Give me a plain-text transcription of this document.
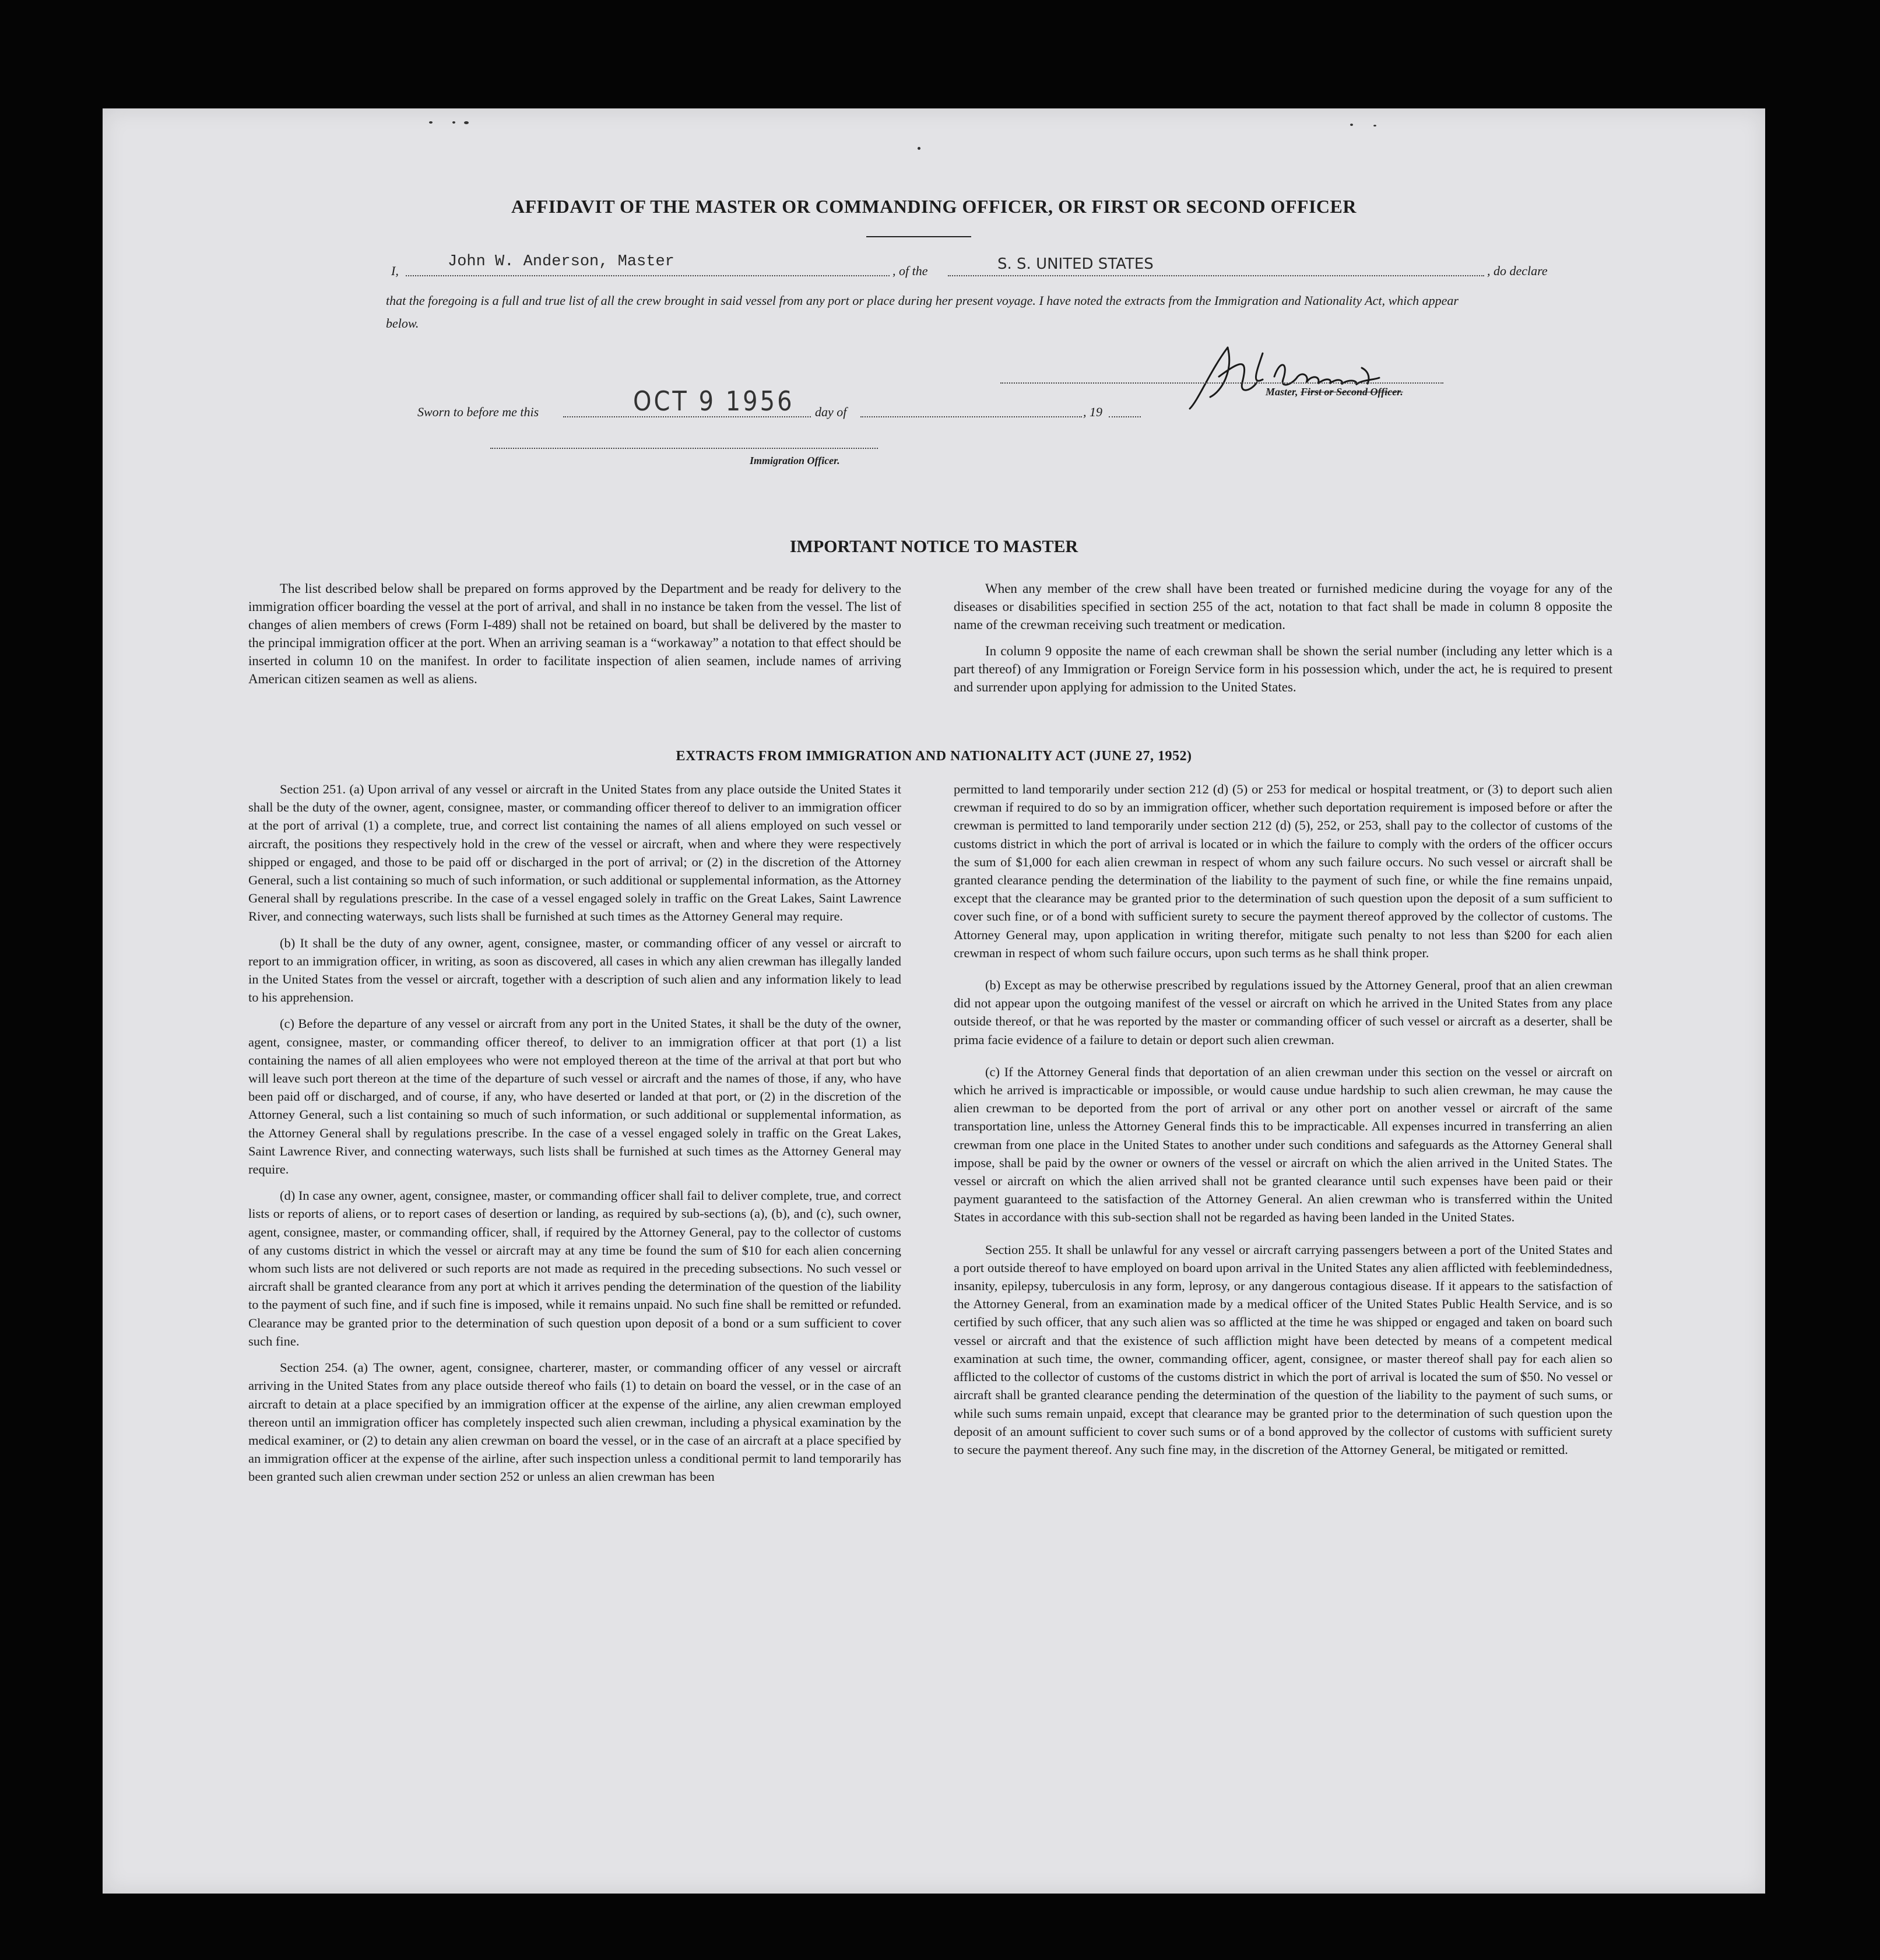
AFFIDAVIT OF THE MASTER OR COMMANDING OFFICER, OR FIRST OR SECOND OFFICER
I,
John W. Anderson, Master
, of the	S. S. UNITED STATES	, do declare
that the foregoing is a full and true list of all the crew brought in said vessel from any port or place during her present voyage. I have noted the extracts from the Immigration and Nationality Act, which appear below.
Master, First or Second Officer.
Sworn to before me this	OCT 9 1956 day of	, 19
Immigration Officer.
IMPORTANT NOTICE TO MASTER

The list described below shall be prepared on forms approved by the Department and be ready for delivery to the immigration officer boarding the vessel at the port of arrival, and shall in no instance be taken from the vessel. The list of changes of alien members of crews (Form I-489) shall not be retained on board, but shall be delivered by the master to the principal immigration officer at the port. When an arriving seaman is a “workaway” a notation to that effect should be inserted in column 10 on the manifest. In order to facilitate inspection of alien seamen, include names of arriving American citizen seamen as well as aliens.

When any member of the crew shall have been treated or furnished medicine during the voyage for any of the diseases or disabilities specified in section 255 of the act, notation to that fact shall be made in column 8 opposite the name of the crewman receiving such treatment or medication.

In column 9 opposite the name of each crewman shall be shown the serial number (including any letter which is a part thereof) of any Immigration or Foreign Service form in his possession which, under the act, he is required to present and surrender upon applying for admission to the United States.

EXTRACTS FROM IMMIGRATION AND NATIONALITY ACT (JUNE 27, 1952)

Section 251. (a) Upon arrival of any vessel or aircraft in the United States from any place outside the United States it shall be the duty of the owner, agent, consignee, master, or commanding officer thereof to deliver to an immigration officer at the port of arrival (1) a complete, true, and correct list containing the names of all aliens employed on such vessel or aircraft, the positions they respectively hold in the crew of the vessel or aircraft, when and where they were respectively shipped or engaged, and those to be paid off or discharged in the port of arrival; or (2) in the discretion of the Attorney General, such a list containing so much of such information, or such additional or supplemental information, as the Attorney General shall by regulations prescribe. In the case of a vessel engaged solely in traffic on the Great Lakes, Saint Lawrence River, and connecting waterways, such lists shall be furnished at such times as the Attorney General may require.

(b) It shall be the duty of any owner, agent, consignee, master, or commanding officer of any vessel or aircraft to report to an immigration officer, in writing, as soon as discovered, all cases in which any alien crewman has illegally landed in the United States from the vessel or aircraft, together with a description of such alien and any information likely to lead to his apprehension.

(c) Before the departure of any vessel or aircraft from any port in the United States, it shall be the duty of the owner, agent, consignee, master, or commanding officer thereof, to deliver to an immigration officer at that port (1) a list containing the names of all alien employees who were not employed thereon at the time of the arrival at that port but who will leave such port thereon at the time of the departure of such vessel or aircraft and the names of those, if any, who have been paid off or discharged, and of course, if any, who have deserted or landed at that port, or (2) in the discretion of the Attorney General, such a list containing so much of such information, or such additional or supplemental information, as the Attorney General shall by regulations prescribe. In the case of a vessel engaged solely in traffic on the Great Lakes, Saint Lawrence River, and connecting waterways, such lists shall be furnished at such times as the Attorney General may require.

(d) In case any owner, agent, consignee, master, or commanding officer shall fail to deliver complete, true, and correct lists or reports of aliens, or to report cases of desertion or landing, as required by sub-sections (a), (b), and (c), such owner, agent, consignee, master, or commanding officer, shall, if required by the Attorney General, pay to the collector of customs of any customs district in which the vessel or aircraft may at any time be found the sum of $10 for each alien concerning whom such lists are not delivered or such reports are not made as required in the preceding subsections. No such vessel or aircraft shall be granted clearance from any port at which it arrives pending the determination of the question of the liability to the payment of such fine, and if such fine is imposed, while it remains unpaid. No such fine shall be remitted or refunded. Clearance may be granted prior to the determination of such question upon deposit of a bond or a sum sufficient to cover such fine.

Section 254. (a) The owner, agent, consignee, charterer, master, or commanding officer of any vessel or aircraft arriving in the United States from any place outside thereof who fails (1) to detain on board the vessel, or in the case of an aircraft to detain at a place specified by an immigration officer at the expense of the airline, any alien crewman employed thereon until an immigration officer has completely inspected such alien crewman, including a physical examination by the medical examiner, or (2) to detain any alien crewman on board the vessel, or in the case of an aircraft at a place specified by an immigration officer at the expense of the airline, after such inspection unless a conditional permit to land temporarily has been granted such alien crewman under section 252 or unless an alien crewman has been

permitted to land temporarily under section 212 (d) (5) or 253 for medical or hospital treatment, or (3) to deport such alien crewman if required to do so by an immigration officer, whether such deportation requirement is imposed before or after the crewman is permitted to land temporarily under section 212 (d) (5), 252, or 253, shall pay to the collector of customs of the customs district in which the port of arrival is located or in which the failure to comply with the orders of the officer occurs the sum of $1,000 for each alien crewman in respect of whom any such failure occurs. No such vessel or aircraft shall be granted clearance pending the determination of the liability to the payment of such fine, or while the fine remains unpaid, except that the clearance may be granted prior to the determination of such question upon the deposit of a sum sufficient to cover such fine, or of a bond with sufficient surety to secure the payment thereof approved by the collector of customs. The Attorney General may, upon application in writing therefor, mitigate such penalty to not less than $200 for each alien crewman in respect of whom such failure occurs, upon such terms as he shall think proper.

(b) Except as may be otherwise prescribed by regulations issued by the Attorney General, proof that an alien crewman did not appear upon the outgoing manifest of the vessel or aircraft on which he arrived in the United States from any place outside thereof, or that he was reported by the master or commanding officer of such vessel or aircraft as a deserter, shall be prima facie evidence of a failure to detain or deport such alien crewman.

(c) If the Attorney General finds that deportation of an alien crewman under this section on the vessel or aircraft on which he arrived is impracticable or impossible, or would cause undue hardship to such alien crewman, he may cause the alien crewman to be deported from the port of arrival or any other port on another vessel or aircraft of the same transportation line, unless the Attorney General finds this to be impracticable. All expenses incurred in transferring an alien crewman from one place in the United States to another under such conditions and safeguards as the Attorney General shall impose, shall be paid by the owner or owners of the vessel or aircraft on which the alien arrived in the United States. The vessel or aircraft on which the alien arrived shall not be granted clearance until such expenses have been paid or their payment guaranteed to the satisfaction of the Attorney General. An alien crewman who is transferred within the United States in accordance with this sub-section shall not be regarded as having been landed in the United States.

Section 255. It shall be unlawful for any vessel or aircraft carrying passengers between a port of the United States and a port outside thereof to have employed on board upon arrival in the United States any alien afflicted with feeblemindedness, insanity, epilepsy, tuberculosis in any form, leprosy, or any dangerous contagious disease. If it appears to the satisfaction of the Attorney General, from an examination made by a medical officer of the United States Public Health Service, and is so certified by such officer, that any such alien was so afflicted at the time he was shipped or engaged and taken on board such vessel or aircraft and that the existence of such affliction might have been detected by means of a competent medical examination at such time, the owner, commanding officer, agent, consignee, or master thereof shall pay for each alien so afflicted to the collector of customs of the customs district in which the port of arrival is located the sum of $50. No vessel or aircraft shall be granted clearance pending the determination of the question of the liability to the payment of such sums, or while such sums remain unpaid, except that clearance may be granted prior to the determination of such question upon the deposit of an amount sufficient to cover such sums or of a bond approved by the collector of customs with sufficient surety to secure the payment thereof. Any such fine may, in the discretion of the Attorney General, be mitigated or remitted.
